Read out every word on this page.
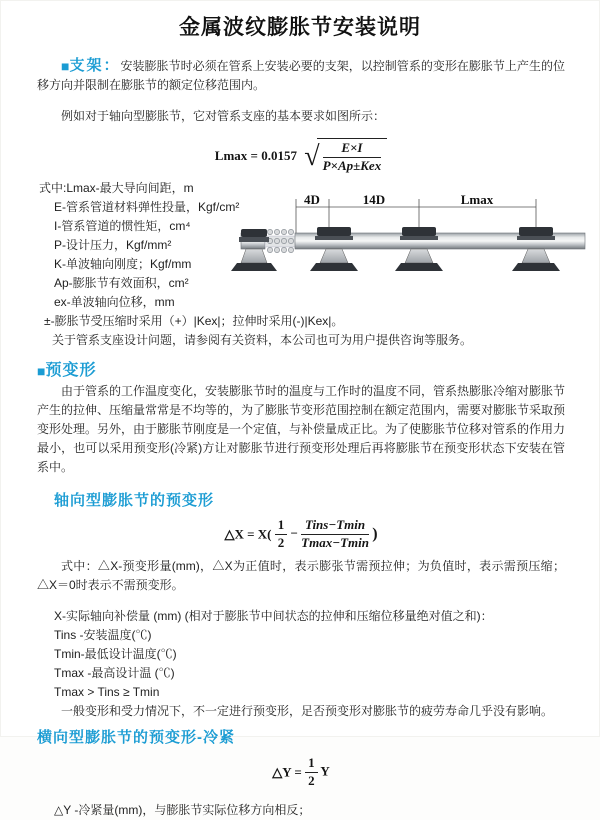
金属波纹膨胀节安装说明

■支架：安装膨胀节时必须在管系上安装必要的支架，以控制管系的变形在膨胀节上产生的位移方向并限制在膨胀节的额定位移范围内。

例如对于轴向型膨胀节，它对管系支座的基本要求如图所示：

Lmax = 0.0157 √ $\frac{E\times I}{\text{P×Ap±Kex}}$
式中:Lmax-最大导向间距，m
E-管系管道材料弹性投量，Kgf/cm²
I-管系管道的惯性矩，cm⁴
P-设计压力，Kgf/mm²
K-单波轴向刚度；Kgf/mm
Ap-膨胀节有效面积，cm²
ex-单波轴向位移，mm
±-膨胀节受压缩时采用（+）|Kex|；拉伸时采用(-)|Kex|。
关于管系支座设计问题，请参阅有关资料，本公司也可为用户提供咨询等服务。
■预变形

由于管系的工作温度变化，安装膨胀节时的温度与工作时的温度不同，管系热膨胀冷缩对膨胀节产生的拉伸、压缩量常常是不均等的，为了膨胀节变形范围控制在额定范围内，需要对膨胀节采取预变形处理。另外，由于膨胀节刚度是一个定值，与补偿量成正比。为了使膨胀节位移对管系的作用力最小，也可以采用预变形(冷紧)方让对膨胀节进行预变形处理后再将膨胀节在预变形状态下安装在管系中。

轴向型膨胀节的预变形
△X = $X( \frac{1}{2} - \frac{\text{Tins−Tmin}}{Tmax-Tmin}$ )

式中：△X-预变形量(mm)，△X为正值时，表示膨张节需预拉伸；为负值时，表示需预压缩；△X＝0时表示不需预变形。

X-实际轴向补偿量 (mm) (相对于膨胀节中间状态的拉伸和压缩位移量绝对值之和)：
Tins -安装温度(℃)
Tmin-最低设计温度(℃)
Tmax -最高设计温 (℃)
Tmax > Tins ≥ Tmin
一般变形和受力情况下，不一定进行预变形，足否预变形对膨胀节的疲劳寿命几乎没有影响。
横向型膨胀节的预变形-冷紧
△Y = $\frac{1}{2}$ Y

△Y -冷紧量(mm)，与膨胀节实际位移方向相反；

4D	14D	Lmax
